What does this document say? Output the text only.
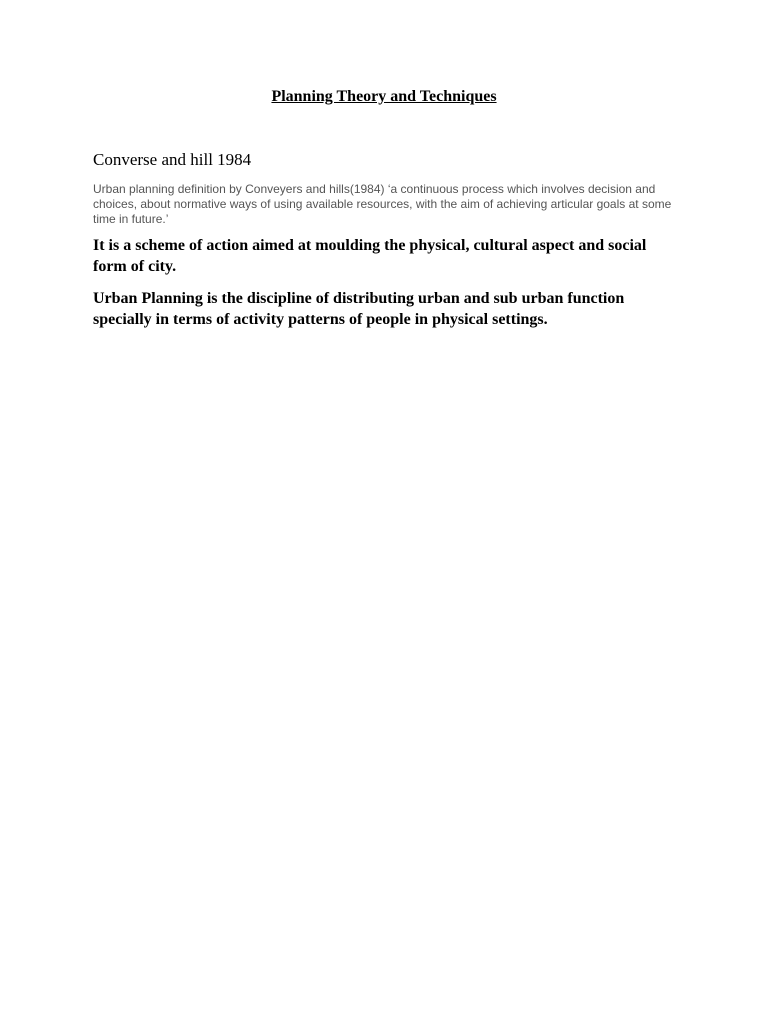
Planning Theory and Techniques

Converse and hill 1984

Urban planning definition by Conveyers and hills(1984) ‘a continuous process which involves decision and choices, about normative ways of using available resources, with the aim of achieving articular goals at some time in future.’

It is a scheme of action aimed at moulding the physical, cultural aspect and social form of city.

Urban Planning is the discipline of distributing urban and sub urban function specially in terms of activity patterns of people in physical settings.
